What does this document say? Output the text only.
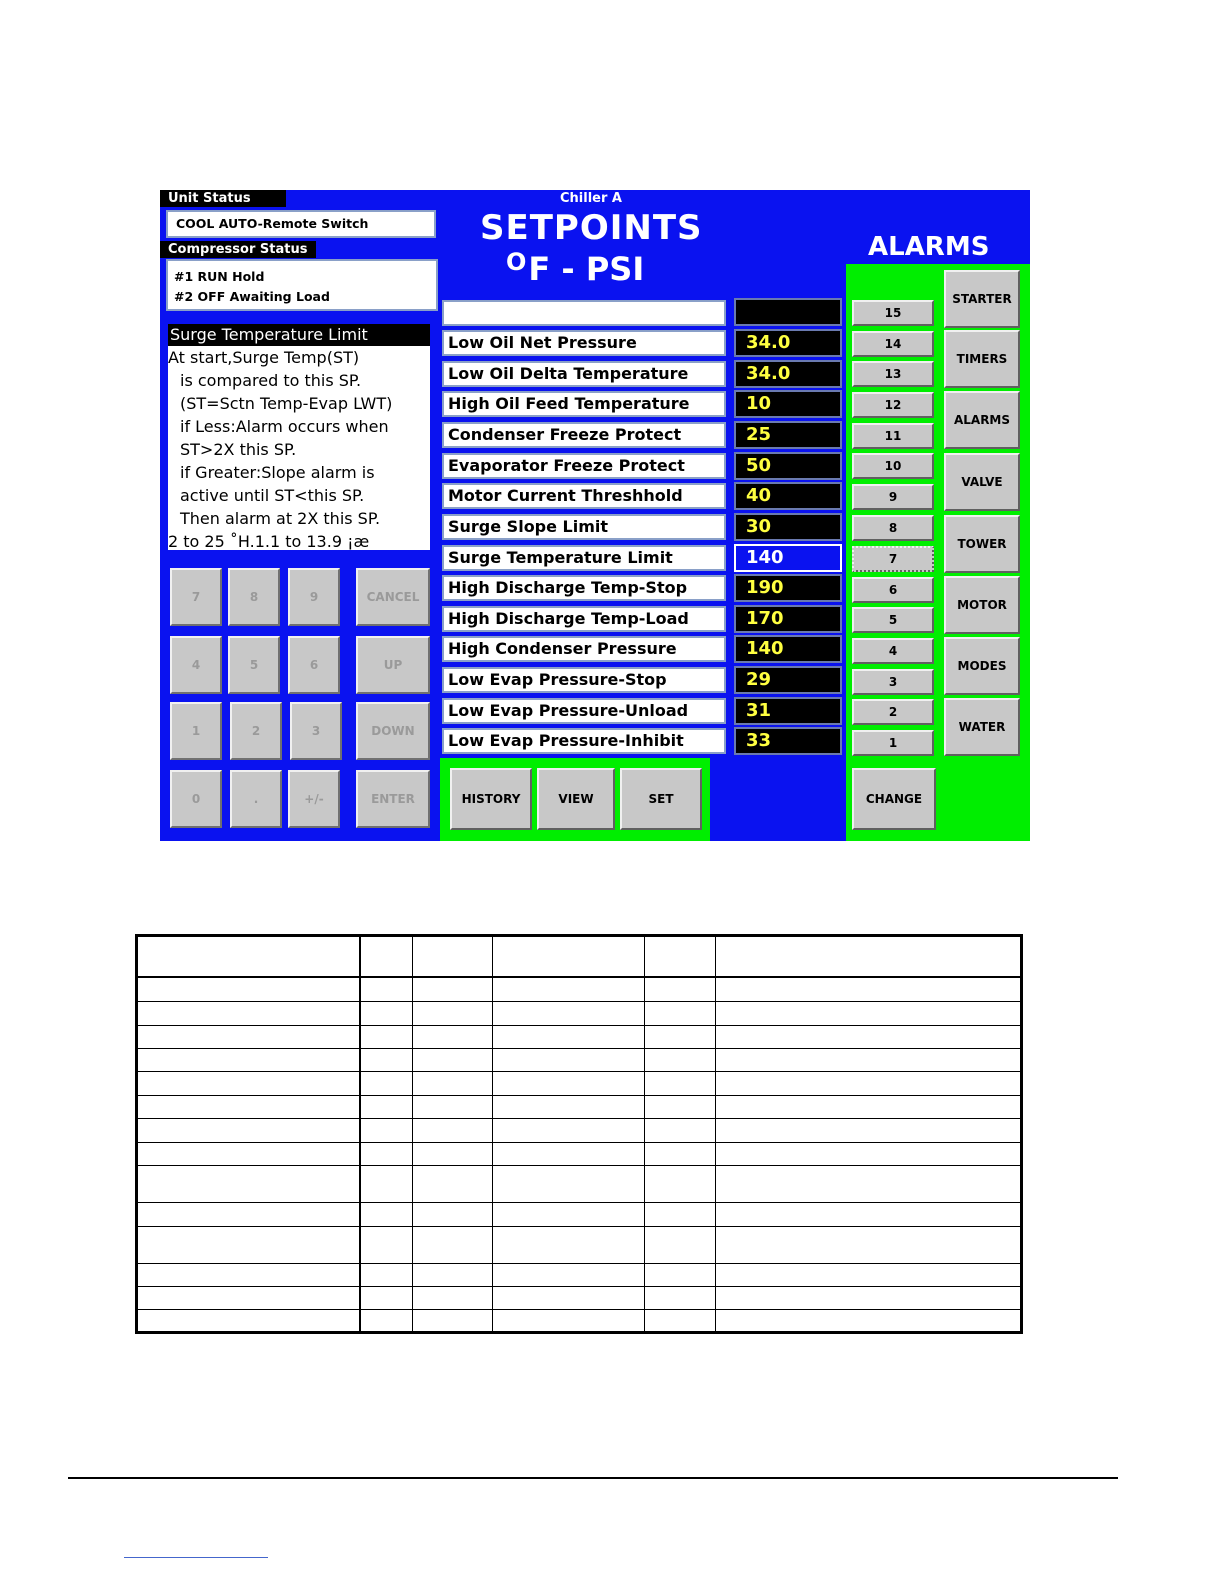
Unit Status	Chiller A
COOL AUTO-Remote Switch
Compressor Status
#1 RUN Hold
#2 OFF Awaiting Load
Surge Temperature Limit
At start,Surge Temp(ST)
is compared to this SP.
(ST=Sctn Temp-Evap LWT)
if Less:Alarm occurs when
ST>2X this SP.
if Greater:Slope alarm is
active until ST<this SP.
Then alarm at 2X this SP.
2 to 25 ˚H.1.1 to 13.9 ¡æ
7	8	9	CANCEL
4	5	6	UP
1	2	3	DOWN
0	.	+/-	ENTER
SETPOINTS
$^O$F - PSI
ALARMS
Low Oil Net Pressure	34.0
Low Oil Delta Temperature	34.0
High Oil Feed Temperature	10
Condenser Freeze Protect	25
Evaporator Freeze Protect	50
Motor Current Threshhold	40
Surge Slope Limit	30
Surge Temperature Limit	140
High Discharge Temp-Stop	190
High Discharge Temp-Load	170
High Condenser Pressure	140
Low Evap Pressure-Stop	29
Low Evap Pressure-Unload	31
Low Evap Pressure-Inhibit	33
15
14
13
12
11
10
9
8
7
6
5
4
3
2
1
STARTER
TIMERS
ALARMS
VALVE
TOWER
MOTOR
MODES
WATER
HISTORY	VIEW	SET	CHANGE
